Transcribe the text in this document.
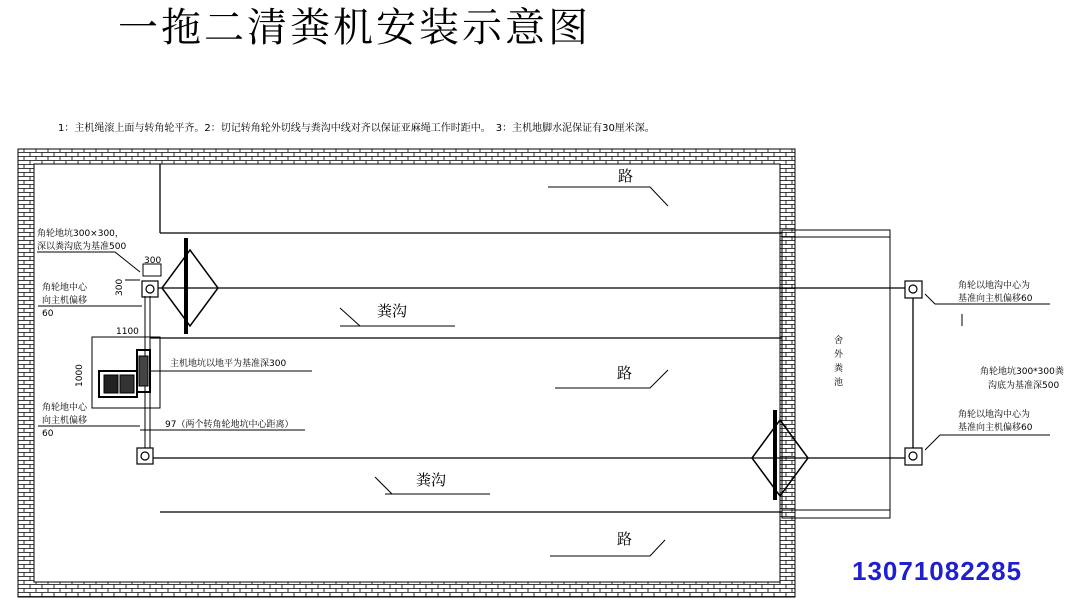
一拖二清粪机安装示意图
1：主机绳滚上面与转角轮平齐。2：切记转角轮外切线与粪沟中线对齐以保证亚麻绳工作时距中。　3：主机地脚水泥保证有30厘米深。
路
路
路
粪沟
粪沟
300
300
角轮地坑300×300，
深以粪沟底为基准500
角轮地中心
向主机偏移
60
1100
1000
主机地坑以地平为基准深300
角轮地中心
向主机偏移
60
97（两个转角轮地坑中心距离）
舍
外
粪
池
角轮以地沟中心为
基准向主机偏移60
角轮地坑300*300粪
沟底为基准深500
角轮以地沟中心为
基准向主机偏移60
13071082285
